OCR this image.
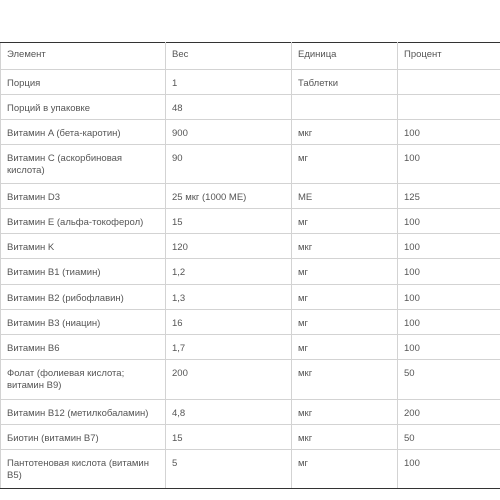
Элемент	Вес	Единица	Процент
Порция	1	Таблетки	
Порций в упаковке	48		
Витамин A (бета-каротин)	900	мкг	100
Витамин C (аскорбиновая кислота)	90	мг	100
Витамин D3	25 мкг (1000 ME)	ME	125
Витамин E (альфа-токоферол)	15	мг	100
Витамин K	120	мкг	100
Витамин B1 (тиамин)	1,2	мг	100
Витамин B2 (рибофлавин)	1,3	мг	100
Витамин B3 (ниацин)	16	мг	100
Витамин B6	1,7	мг	100
Фолат (фолиевая кислота; витамин B9)	200	мкг	50
Витамин B12 (метилкобаламин)	4,8	мкг	200
Биотин (витамин B7)	15	мкг	50
Пантотеновая кислота (витамин B5)	5	мг	100
